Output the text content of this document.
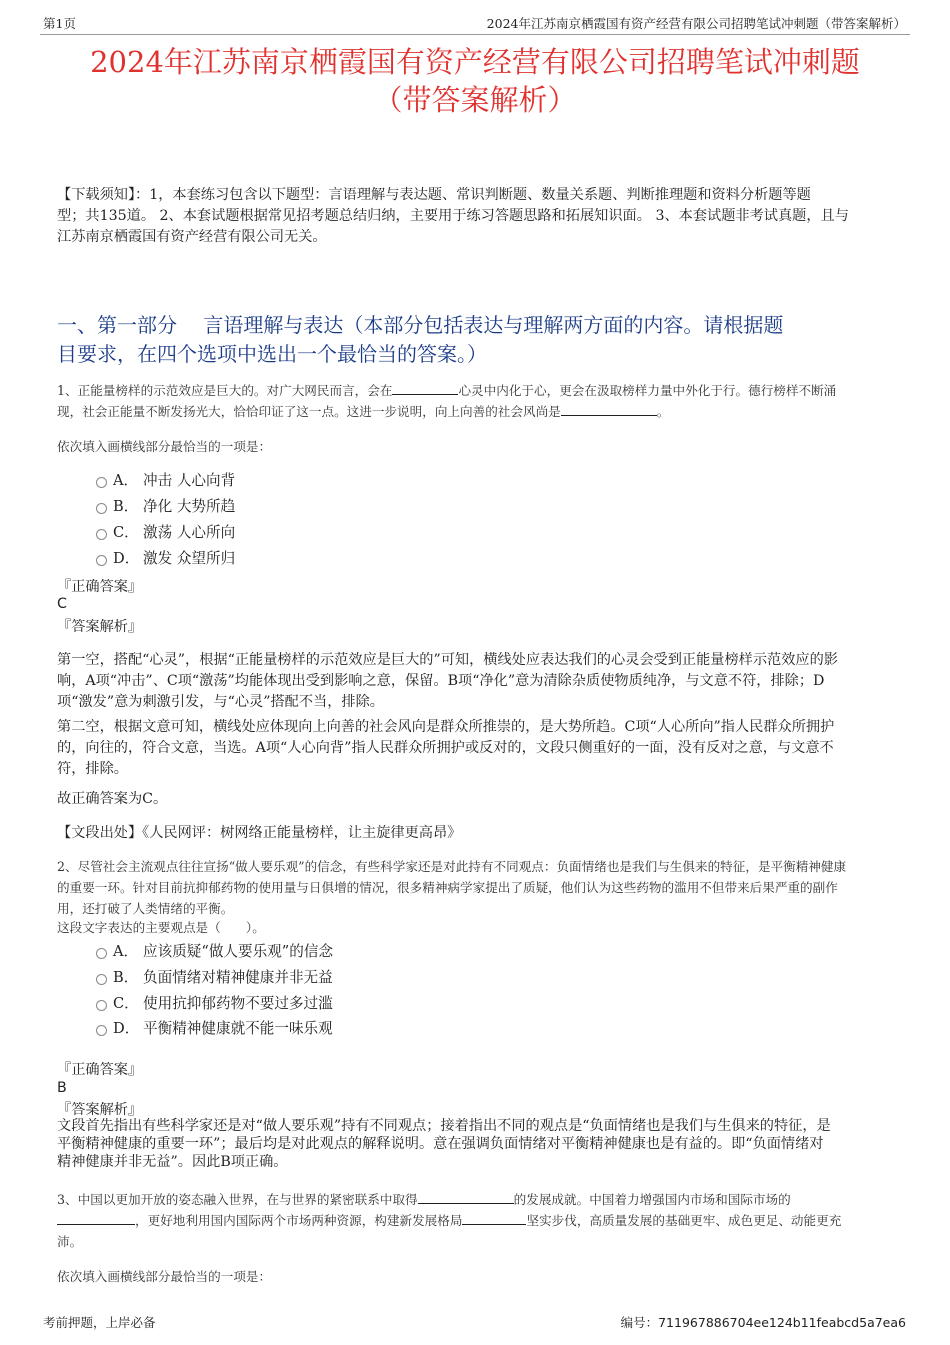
第1页	2024年江苏南京栖霞国有资产经营有限公司招聘笔试冲刺题（带答案解析）
2024年江苏南京栖霞国有资产经营有限公司招聘笔试冲刺题
（带答案解析）
【下载须知】：1，本套练习包含以下题型：言语理解与表达题、常识判断题、数量关系题、判断推理题和资料分析题等题
型；共135道。 2、本套试题根据常见招考题总结归纳，主要用于练习答题思路和拓展知识面。 3、本套试题非考试真题，且与
江苏南京栖霞国有资产经营有限公司无关。
一、第一部分　 言语理解与表达（本部分包括表达与理解两方面的内容。请根据题
目要求，在四个选项中选出一个最恰当的答案。）
1、正能量榜样的示范效应是巨大的。对广大网民而言，会在	心灵中内化于心，更会在汲取榜样力量中外化于行。德行榜样不断涌
现，社会正能量不断发扬光大，恰恰印证了这一点。这进一步说明，向上向善的社会风尚是	。
依次填入画横线部分最恰当的一项是：
A． 冲击 人心向背
B． 净化 大势所趋
C． 激荡 人心所向
D． 激发 众望所归
『正确答案』
C
『答案解析』
第一空，搭配“心灵”，根据“正能量榜样的示范效应是巨大的”可知，横线处应表达我们的心灵会受到正能量榜样示范效应的影
响，A项“冲击”、C项“激荡”均能体现出受到影响之意，保留。B项“净化”意为清除杂质使物质纯净，与文意不符，排除；D
项“激发”意为刺激引发，与“心灵”搭配不当，排除。
第二空，根据文意可知，横线处应体现向上向善的社会风向是群众所推崇的，是大势所趋。C项“人心所向”指人民群众所拥护
的，向往的，符合文意，当选。A项“人心向背”指人民群众所拥护或反对的，文段只侧重好的一面，没有反对之意，与文意不
符，排除。
故正确答案为C。
【文段出处】《人民网评：树网络正能量榜样，让主旋律更高昂》
2、尽管社会主流观点往往宣扬“做人要乐观”的信念，有些科学家还是对此持有不同观点：负面情绪也是我们与生俱来的特征，是平衡精神健康
的重要一环。针对目前抗抑郁药物的使用量与日俱增的情况，很多精神病学家提出了质疑，他们认为这些药物的滥用不但带来后果严重的副作
用，还打破了人类情绪的平衡。
这段文字表达的主要观点是（　　）。
A． 应该质疑“做人要乐观”的信念
B． 负面情绪对精神健康并非无益
C． 使用抗抑郁药物不要过多过滥
D． 平衡精神健康就不能一味乐观
『正确答案』
B
『答案解析』
文段首先指出有些科学家还是对“做人要乐观”持有不同观点；接着指出不同的观点是“负面情绪也是我们与生俱来的特征，是
平衡精神健康的重要一环”；最后均是对此观点的解释说明。意在强调负面情绪对平衡精神健康也是有益的。即“负面情绪对
精神健康并非无益”。因此B项正确。
3、中国以更加开放的姿态融入世界，在与世界的紧密联系中取得	的发展成就。中国着力增强国内市场和国际市场的
，更好地利用国内国际两个市场两种资源，构建新发展格局	坚实步伐，高质量发展的基础更牢、成色更足、动能更充
沛。
依次填入画横线部分最恰当的一项是：
考前押题，上岸必备	编号：711967886704ee124b11feabcd5a7ea6
